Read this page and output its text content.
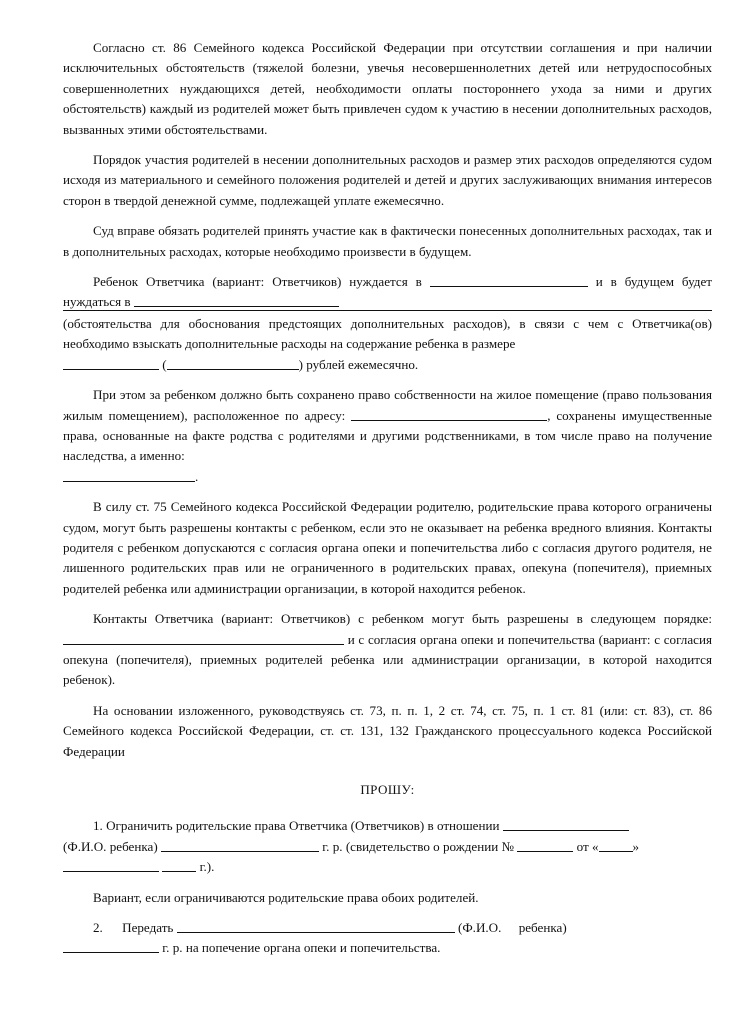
Согласно ст. 86 Семейного кодекса Российской Федерации при отсутствии соглашения и при наличии исключительных обстоятельств (тяжелой болезни, увечья несовершеннолетних детей или нетрудоспособных совершеннолетних нуждающихся детей, необходимости оплаты постороннего ухода за ними и других обстоятельств) каждый из родителей может быть привлечен судом к участию в несении дополнительных расходов, вызванных этими обстоятельствами.

Порядок участия родителей в несении дополнительных расходов и размер этих расходов определяются судом исходя из материального и семейного положения родителей и детей и других заслуживающих внимания интересов сторон в твердой денежной сумме, подлежащей уплате ежемесячно.

Суд вправе обязать родителей принять участие как в фактически понесенных дополнительных расходах, так и в дополнительных расходах, которые необходимо произвести в будущем.

Ребенок Ответчика (вариант: Ответчиков) нуждается в	и в будущем будет нуждаться в

(обстоятельства для обоснования предстоящих дополнительных расходов), в связи с чем с Ответчика(ов) необходимо взыскать дополнительные расходы на содержание ребенка в размере
(	) рублей ежемесячно.

При этом за ребенком должно быть сохранено право собственности на жилое помещение (право пользования жилым помещением), расположенное по адресу:	, сохранены имущественные права, основанные на факте родства с родителями и другими родственниками, в том числе право на получение наследства, а именно:

.

В силу ст. 75 Семейного кодекса Российской Федерации родителю, родительские права которого ограничены судом, могут быть разрешены контакты с ребенком, если это не оказывает на ребенка вредного влияния. Контакты родителя с ребенком допускаются с согласия органа опеки и попечительства либо с согласия другого родителя, не лишенного родительских прав или не ограниченного в родительских правах, опекуна (попечителя), приемных родителей ребенка или администрации организации, в которой находится ребенок.

Контакты Ответчика (вариант: Ответчиков) с ребенком могут быть разрешены в следующем порядке:  и с согласия органа опеки и попечительства (вариант: с согласия опекуна (попечителя), приемных родителей ребенка или администрации организации, в которой находится ребенок).

На основании изложенного, руководствуясь ст. 73, п. п. 1, 2 ст. 74, ст. 75, п. 1 ст. 81 (или: ст. 83), ст. 86 Семейного кодекса Российской Федерации, ст. ст. 131, 132 Гражданского процессуального кодекса Российской Федерации

ПРОШУ:

1. Ограничить родительские права Ответчика (Ответчиков) в отношении
(Ф.И.О. ребенка)	г. р. (свидетельство о рождении №	от «	»
г.).

Вариант, если ограничиваются родительские права обоих родителей.

2. Передать	(Ф.И.О. ребенка)
г. р. на попечение органа опеки и попечительства.
